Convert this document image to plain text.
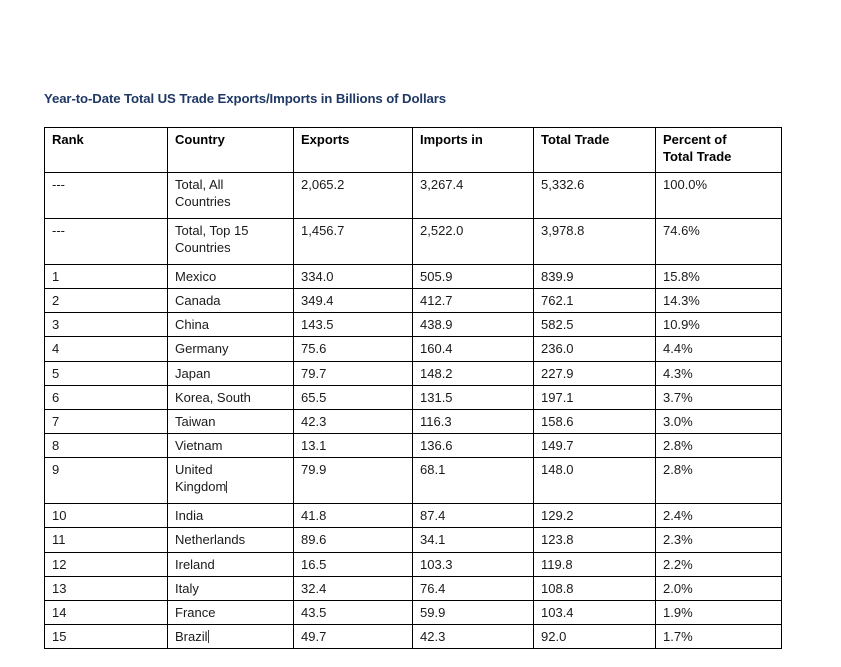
Year-to-Date Total US Trade Exports/Imports in Billions of Dollars
Rank	Country	Exports	Imports in	Total Trade	Percent of
Total Trade

---	Total, All
Countries	2,065.2	3,267.4	5,332.6	100.0%
---	Total, Top 15
Countries	1,456.7	2,522.0	3,978.8	74.6%
1	Mexico	334.0	505.9	839.9	15.8%
2	Canada	349.4	412.7	762.1	14.3%
3	China	143.5	438.9	582.5	10.9%
4	Germany	75.6	160.4	236.0	4.4%
5	Japan	79.7	148.2	227.9	4.3%
6	Korea, South	65.5	131.5	197.1	3.7%
7	Taiwan	42.3	116.3	158.6	3.0%
8	Vietnam	13.1	136.6	149.7	2.8%
9	United
Kingdom	79.9	68.1	148.0	2.8%
10	India	41.8	87.4	129.2	2.4%
11	Netherlands	89.6	34.1	123.8	2.3%
12	Ireland	16.5	103.3	119.8	2.2%
13	Italy	32.4	76.4	108.8	2.0%
14	France	43.5	59.9	103.4	1.9%
15	Brazil	49.7	42.3	92.0	1.7%
